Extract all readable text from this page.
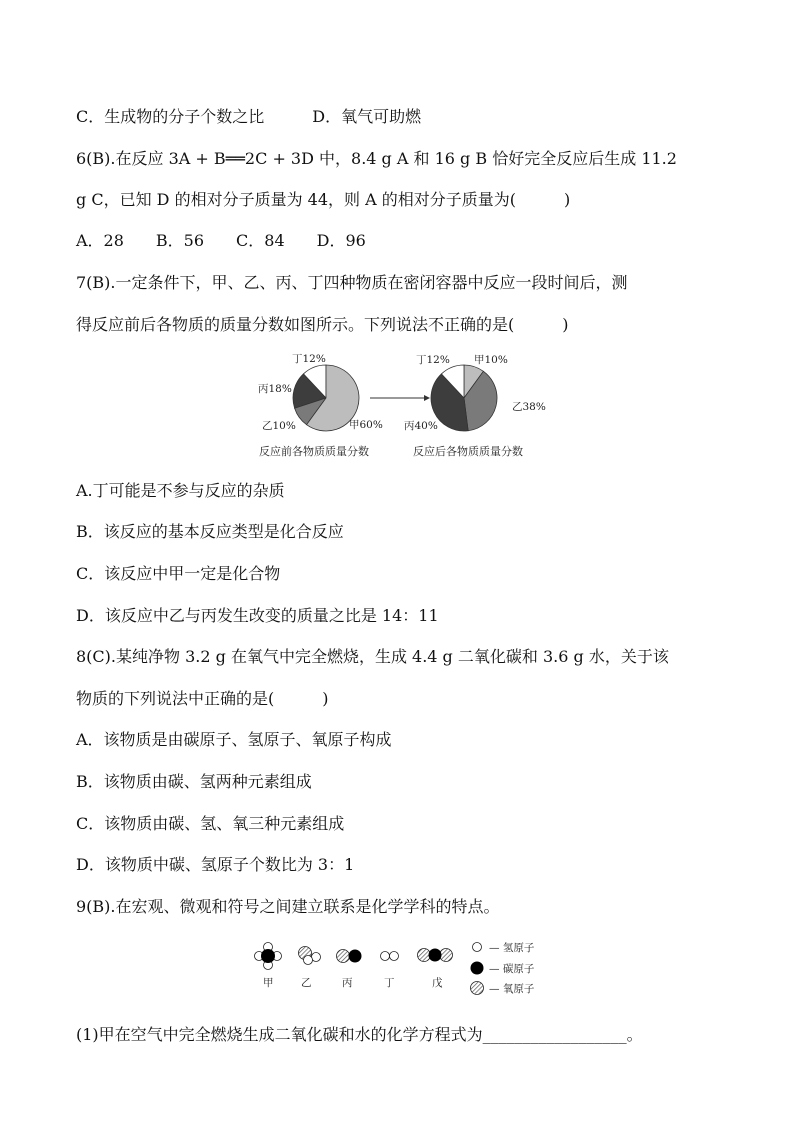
C．生成物的分子个数之比　　　D．氧气可助燃
6(B).在反应 3A + B══2C + 3D 中，8.4 g A 和 16 g B 恰好完全反应后生成 11.2
g C，已知 D 的相对分子质量为 44，则 A 的相对分子质量为(　　　)
A．28　　B．56　　C．84　　D．96
7(B).一定条件下，甲、乙、丙、丁四种物质在密闭容器中反应一段时间后，测
得反应前后各物质的质量分数如图所示。下列说法不正确的是(　　　)
丁12%
丙18%
乙10%	甲60%
反应前各物质质量分数
甲10%
乙38%
丙40%
丁12%
反应后各物质质量分数
A.丁可能是不参与反应的杂质
B．该反应的基本反应类型是化合反应
C．该反应中甲一定是化合物
D．该反应中乙与丙发生改变的质量之比是 14：11
8(C).某纯净物 3.2 g 在氧气中完全燃烧，生成 4.4 g 二氧化碳和 3.6 g 水，关于该
物质的下列说法中正确的是(　　　)
A．该物质是由碳原子、氢原子、氧原子构成
B．该物质由碳、氢两种元素组成
C．该物质由碳、氢、氧三种元素组成
D．该物质中碳、氢原子个数比为 3：1
9(B).在宏观、微观和符号之间建立联系是化学学科的特点。
甲	乙	丙	丁	戊
— 氢原子
— 碳原子
— 氧原子
(1)甲在空气中完全燃烧生成二氧化碳和水的化学方程式为__________________。
